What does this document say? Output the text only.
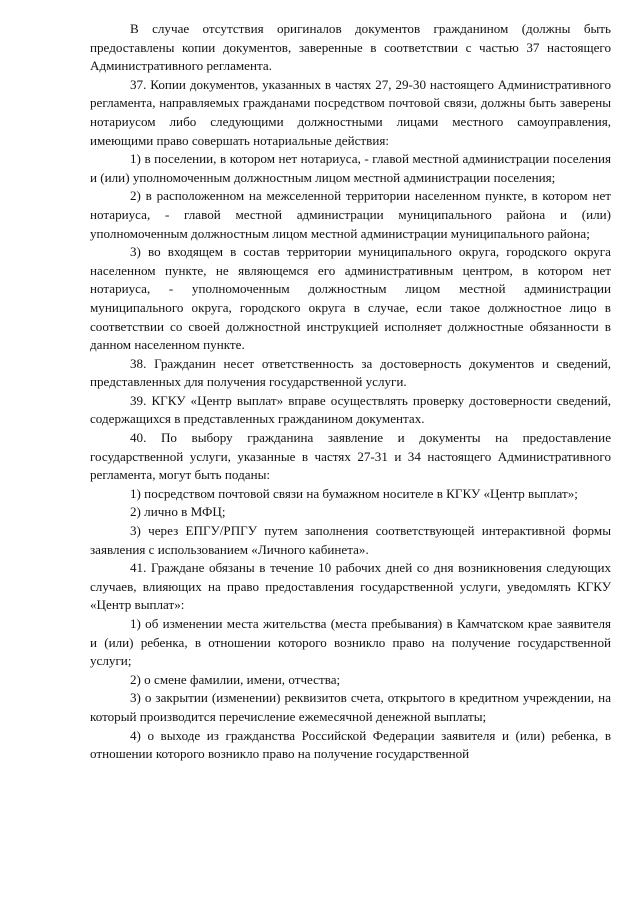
В случае отсутствия оригиналов документов гражданином (должны быть предоставлены копии документов, заверенные в соответствии с частью 37 настоящего Административного регламента.

37. Копии документов, указанных в частях 27, 29-30 настоящего Административного регламента, направляемых гражданами посредством почтовой связи, должны быть заверены нотариусом либо следующими должностными лицами местного самоуправления, имеющими право совершать нотариальные действия:

1) в поселении, в котором нет нотариуса, - главой местной администрации поселения и (или) уполномоченным должностным лицом местной администрации поселения;

2) в расположенном на межселенной территории населенном пункте, в котором нет нотариуса, - главой местной администрации муниципального района и (или) уполномоченным должностным лицом местной администрации муниципального района;

3) во входящем в состав территории муниципального округа, городского округа населенном пункте, не являющемся его административным центром, в котором нет нотариуса, - уполномоченным должностным лицом местной администрации муниципального округа, городского округа в случае, если такое должностное лицо в соответствии со своей должностной инструкцией исполняет должностные обязанности в данном населенном пункте.

38. Гражданин несет ответственность за достоверность документов и сведений, представленных для получения государственной услуги.

39. КГКУ «Центр выплат» вправе осуществлять проверку достоверности сведений, содержащихся в представленных гражданином документах.

40. По выбору гражданина заявление и документы на предоставление государственной услуги, указанные в частях 27-31 и 34 настоящего Административного регламента, могут быть поданы:

1) посредством почтовой связи на бумажном носителе в КГКУ «Центр выплат»;

2) лично в МФЦ;

3) через ЕПГУ/РПГУ путем заполнения соответствующей интерактивной формы заявления с использованием «Личного кабинета».

41. Граждане обязаны в течение 10 рабочих дней со дня возникновения следующих случаев, влияющих на право предоставления государственной услуги, уведомлять КГКУ «Центр выплат»:

1) об изменении места жительства (места пребывания) в Камчатском крае заявителя и (или) ребенка, в отношении которого возникло право на получение государственной услуги;

2) о смене фамилии, имени, отчества;

3) о закрытии (изменении) реквизитов счета, открытого в кредитном учреждении, на который производится перечисление ежемесячной денежной выплаты;

4) о выходе из гражданства Российской Федерации заявителя и (или) ребенка, в отношении которого возникло право на получение государственной
